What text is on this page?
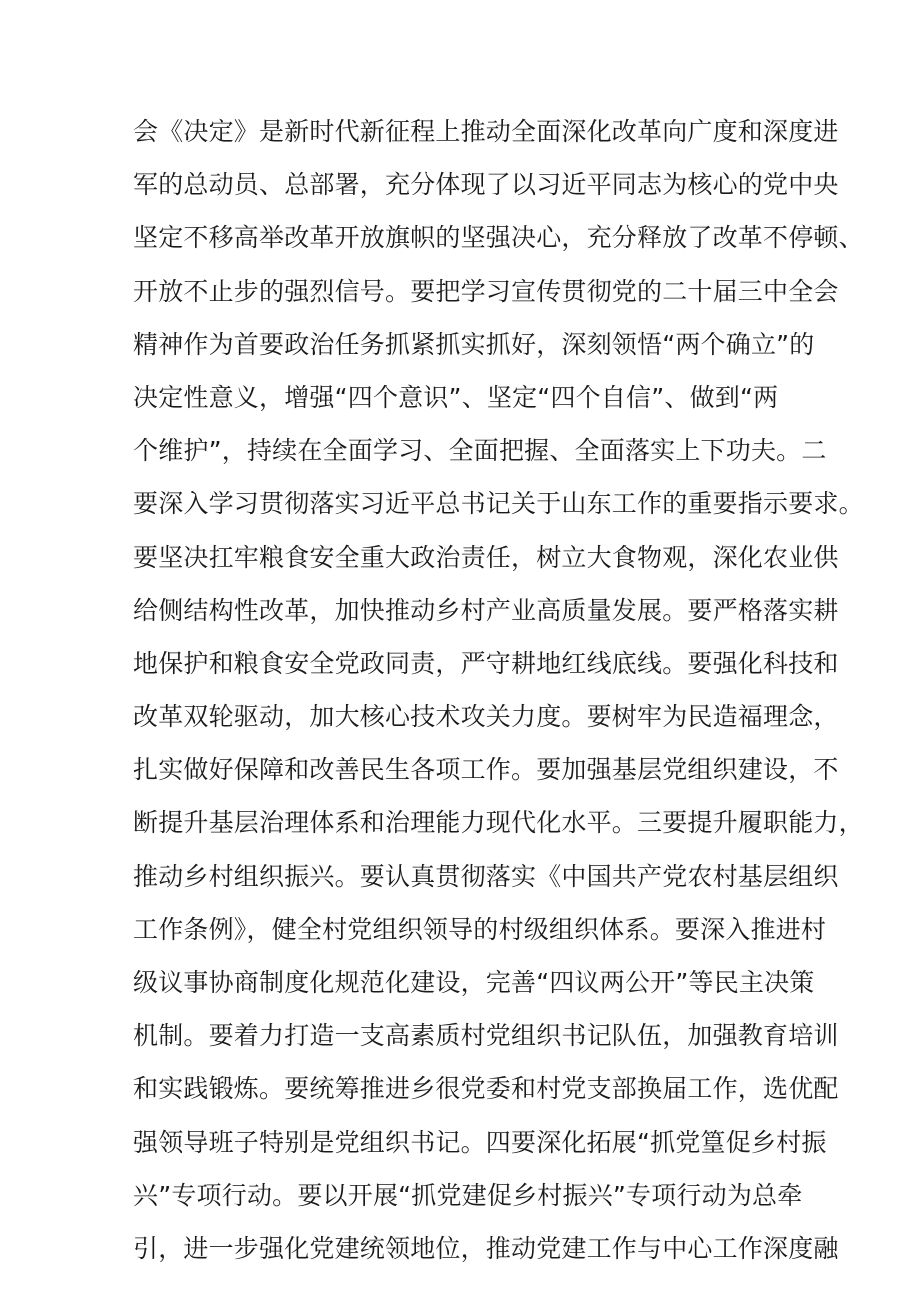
会《决定》是新时代新征程上推动全面深化改革向广度和深度进
军的总动员、总部署，充分体现了以习近平同志为核心的党中央
坚定不移高举改革开放旗帜的坚强决心，充分释放了改革不停顿、
开放不止步的强烈信号。要把学习宣传贯彻党的二十届三中全会
精神作为首要政治任务抓紧抓实抓好，深刻领悟“两个确立”的
决定性意义，增强“四个意识”、坚定“四个自信”、做到“两
个维护”，持续在全面学习、全面把握、全面落实上下功夫。二
要深入学习贯彻落实习近平总书记关于山东工作的重要指示要求。
要坚决扛牢粮食安全重大政治责任，树立大食物观，深化农业供
给侧结构性改革，加快推动乡村产业高质量发展。要严格落实耕
地保护和粮食安全党政同责，严守耕地红线底线。要强化科技和
改革双轮驱动，加大核心技术攻关力度。要树牢为民造福理念，
扎实做好保障和改善民生各项工作。要加强基层党组织建设，不
断提升基层治理体系和治理能力现代化水平。三要提升履职能力，
推动乡村组织振兴。要认真贯彻落实《中国共产党农村基层组织
工作条例》，健全村党组织领导的村级组织体系。要深入推进村
级议事协商制度化规范化建设，完善“四议两公开”等民主决策
机制。要着力打造一支高素质村党组织书记队伍，加强教育培训
和实践锻炼。要统筹推进乡很党委和村党支部换届工作，选优配
强领导班子特别是党组织书记。四要深化拓展“抓党篁促乡村振
兴”专项行动。要以开展“抓党建促乡村振兴”专项行动为总牵
引，进一步强化党建统领地位，推动党建工作与中心工作深度融
